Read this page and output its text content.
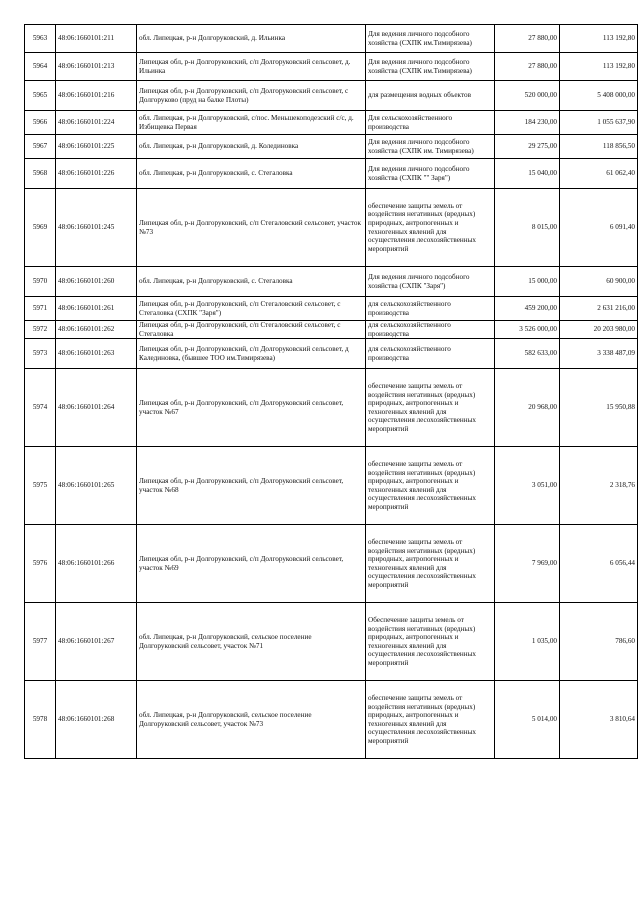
5963	48:06:1660101:211	обл. Липецкая, р-н Долгоруковский, д. Ильинка	Для ведения личного подсобного хозяйства (СХПК им.Тимирязева)	27 880,00	113 192,80
5964	48:06:1660101:213	Липецкая обл, р-н Долгоруковский, с/п Долгоруковский сельсовет, д. Ильинка	Для ведения личного подсобного хозяйства (СХПК им.Тимирязева)	27 880,00	113 192,80
5965	48:06:1660101:216	Липецкая обл, р-н Долгоруковский, с/п Долгоруковский сельсовет, с Долгоруково (пруд на балке Плоты)	для размещения водных объектов	520 000,00	5 408 000,00
5966	48:06:1660101:224	обл. Липецкая, р-н Долгоруковский, с/пос. Меньшекоподезский с/с, д. Избищевка Первая	Для сельскохозяйственного производства	184 230,00	1 055 637,90
5967	48:06:1660101:225	обл. Липецкая, р-н Долгоруковский, д. Колединовка	Для ведения личного подсобного хозяйства (СХПК им. Тимирязева)	29 275,00	118 856,50
5968	48:06:1660101:226	обл. Липецкая, р-н Долгоруковский, с. Стегаловка	Для ведения личного подсобного хозяйства (СХПК "" Заря")	15 040,00	61 062,40
5969	48:06:1660101:245	Липецкая обл, р-н Долгоруковский, с/п Стегаловский сельсовет, участок №73	обеспечение защиты земель от воздействия негативных (вредных) природных, антропогенных и техногенных явлений для осуществления лесохозяйственных мероприятий	8 015,00	6 091,40
5970	48:06:1660101:260	обл. Липецкая, р-н Долгоруковский, с. Стегаловка	Для ведения личного подсобного хозяйства (СХПК "Заря")	15 000,00	60 900,00
5971	48:06:1660101:261	Липецкая обл, р-н Долгоруковский, с/п Стегаловский сельсовет, с Стегаловка (СХПК "Заря")	для сельскохозяйственного производства	459 200,00	2 631 216,00
5972	48:06:1660101:262	Липецкая обл, р-н Долгоруковский, с/п Стегаловский сельсовет, с Стегаловка	для сельскохозяйственного производства	3 526 000,00	20 203 980,00
5973	48:06:1660101:263	Липецкая обл, р-н Долгоруковский, с/п Долгоруковский сельсовет, д Калединовка, (бывшее ТОО им.Тимирязева)	для сельскохозяйственного производства	582 633,00	3 338 487,09
5974	48:06:1660101:264	Липецкая обл, р-н Долгоруковский, с/п Долгоруковский сельсовет, участок №67	обеспечение защиты земель от воздействия негативных (вредных) природных, антропогенных и техногенных явлений для осуществления лесохозяйственных мероприятий	20 968,00	15 950,88
5975	48:06:1660101:265	Липецкая обл, р-н Долгоруковский, с/п Долгоруковский сельсовет, участок №68	обеспечение защиты земель от воздействия негативных (вредных) природных, антропогенных и техногенных явлений для осуществления лесохозяйственных мероприятий	3 051,00	2 318,76
5976	48:06:1660101:266	Липецкая обл, р-н Долгоруковский, с/п Долгоруковский сельсовет, участок №69	обеспечение защиты земель от воздействия негативных (вредных) природных, антропогенных и техногенных явлений для осуществления лесохозяйственных мероприятий	7 969,00	6 056,44
5977	48:06:1660101:267	обл. Липецкая, р-н Долгоруковский, сельское поселение Долгоруковский сельсовет, участок №71	Обеспечение защиты земель от воздействия негативных (вредных) природных, антропогенных и техногенных явлений для осуществления лесохозяйственных мероприятий	1 035,00	786,60
5978	48:06:1660101:268	обл. Липецкая, р-н Долгоруковский, сельское поселение Долгоруковский сельсовет, участок №73	обеспечение защиты земель от воздействия негативных (вредных) природных, антропогенных и техногенных явлений для осуществления лесохозяйственных мероприятий	5 014,00	3 810,64
